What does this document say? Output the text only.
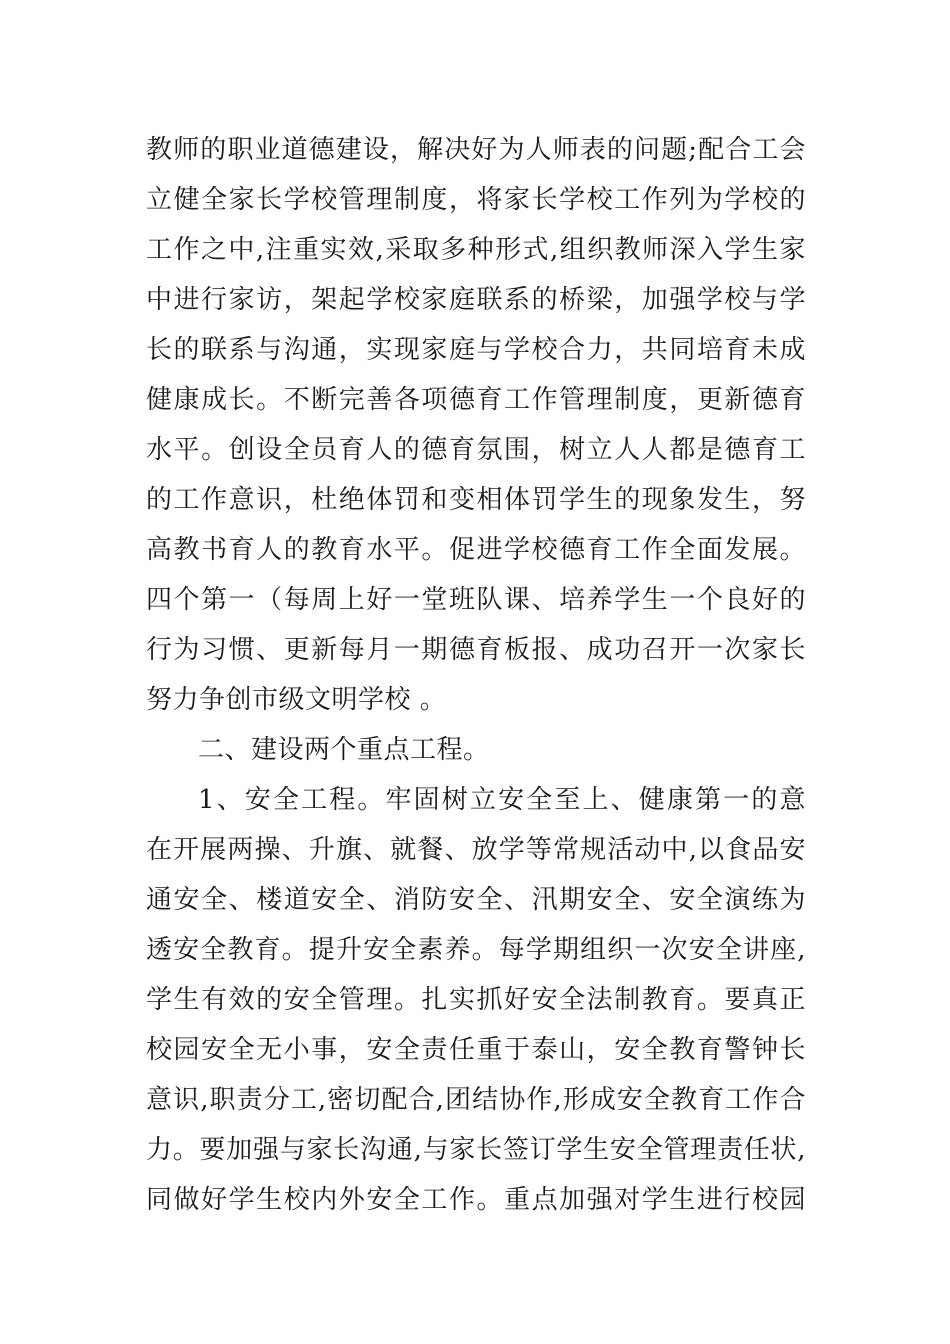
教师的职业道德建设，解决好为人师表的问题;配合工会
立健全家长学校管理制度，将家长学校工作列为学校的
工作之中,注重实效,采取多种形式,组织教师深入学生家
中进行家访，架起学校家庭联系的桥梁，加强学校与学
长的联系与沟通，实现家庭与学校合力，共同培育未成
健康成长。不断完善各项德育工作管理制度，更新德育
水平。创设全员育人的德育氛围，树立人人都是德育工
的工作意识，杜绝体罚和变相体罚学生的现象发生，努
高教书育人的教育水平。促进学校德育工作全面发展。
四个第一（每周上好一堂班队课、培养学生一个良好的
行为习惯、更新每月一期德育板报、成功召开一次家长
努力争创市级文明学校 。
二、建设两个重点工程。
1、安全工程。牢固树立安全至上、健康第一的意
在开展两操、升旗、就餐、放学等常规活动中,以食品安
通安全、楼道安全、消防安全、汛期安全、安全演练为
透安全教育。提升安全素养。每学期组织一次安全讲座,
学生有效的安全管理。扎实抓好安全法制教育。要真正
校园安全无小事，安全责任重于泰山，安全教育警钟长
意识,职责分工,密切配合,团结协作,形成安全教育工作合
力。要加强与家长沟通,与家长签订学生安全管理责任状,
同做好学生校内外安全工作。重点加强对学生进行校园
